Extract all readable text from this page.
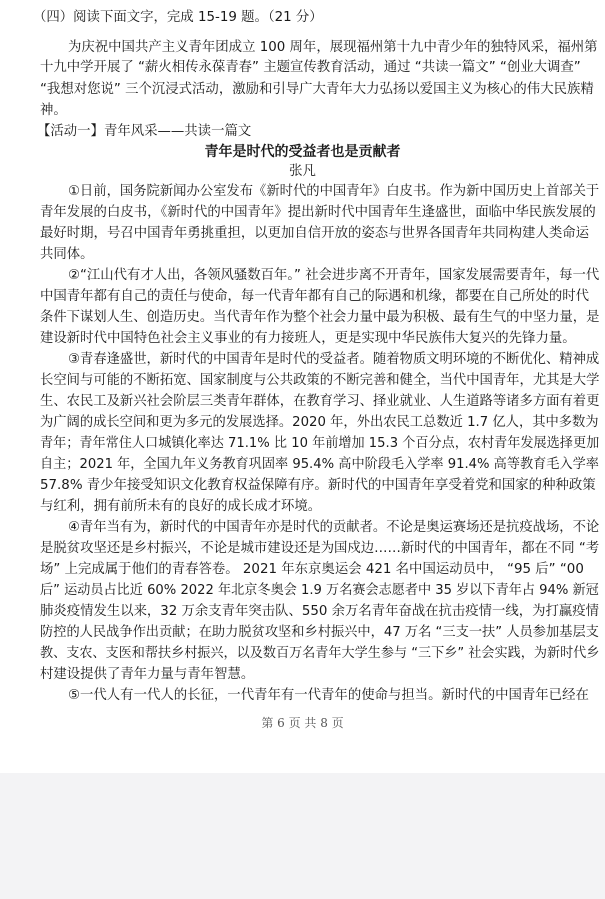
（四）阅读下面文字，完成 15-19 题。（21 分）
为庆祝中国共产主义青年团成立 100 周年，展现福州第十九中青少年的独特风采，福州第
十九中学开展了 “薪火相传永葆青春” 主题宣传教育活动，通过 “共读一篇文” “创业大调查”
“我想对您说” 三个沉浸式活动，激励和引导广大青年大力弘扬以爱国主义为核心的伟大民族精
神。
【活动一】青年风采——共读一篇文
青年是时代的受益者也是贡献者
张凡
①日前，国务院新闻办公室发布《新时代的中国青年》白皮书。作为新中国历史上首部关于
青年发展的白皮书，《新时代的中国青年》提出新时代中国青年生逢盛世，面临中华民族发展的
最好时期，号召中国青年勇挑重担，以更加自信开放的姿态与世界各国青年共同构建人类命运
共同体。
②“江山代有才人出，各领风骚数百年。” 社会进步离不开青年，国家发展需要青年，每一代
中国青年都有自己的责任与使命，每一代青年都有自己的际遇和机缘，都要在自己所处的时代
条件下谋划人生、创造历史。当代青年作为整个社会力量中最为积极、最有生气的中坚力量，是
建设新时代中国特色社会主义事业的有力接班人，更是实现中华民族伟大复兴的先锋力量。
③青春逢盛世，新时代的中国青年是时代的受益者。随着物质文明环境的不断优化、精神成
长空间与可能的不断拓宽、国家制度与公共政策的不断完善和健全，当代中国青年，尤其是大学
生、农民工及新兴社会阶层三类青年群体，在教育学习、择业就业、人生道路等诸多方面有着更
为广阔的成长空间和更为多元的发展选择。2020 年，外出农民工总数近 1.7 亿人，其中多数为
青年；青年常住人口城镇化率达 71.1% 比 10 年前增加 15.3 个百分点，农村青年发展选择更加
自主；2021 年，全国九年义务教育巩固率 95.4% 高中阶段毛入学率 91.4% 高等教育毛入学率
57.8% 青少年接受知识文化教育权益保障有序。新时代的中国青年享受着党和国家的种种政策
与红利，拥有前所未有的良好的成长成才环境。
④青年当有为，新时代的中国青年亦是时代的贡献者。不论是奥运赛场还是抗疫战场，不论
是脱贫攻坚还是乡村振兴，不论是城市建设还是为国戍边……新时代的中国青年，都在不同 “考
场” 上完成属于他们的青春答卷。 2021 年东京奥运会 421 名中国运动员中， “95 后” “00
后” 运动员占比近 60% 2022 年北京冬奥会 1.9 万名赛会志愿者中 35 岁以下青年占 94% 新冠
肺炎疫情发生以来，32 万余支青年突击队、550 余万名青年奋战在抗击疫情一线，为打赢疫情
防控的人民战争作出贡献；在助力脱贫攻坚和乡村振兴中，47 万名 “三支一扶” 人员参加基层支
教、支农、支医和帮扶乡村振兴，以及数百万名青年大学生参与 “三下乡” 社会实践，为新时代乡
村建设提供了青年力量与青年智慧。
⑤一代人有一代人的长征，一代青年有一代青年的使命与担当。新时代的中国青年已经在
第 6 页 共 8 页
